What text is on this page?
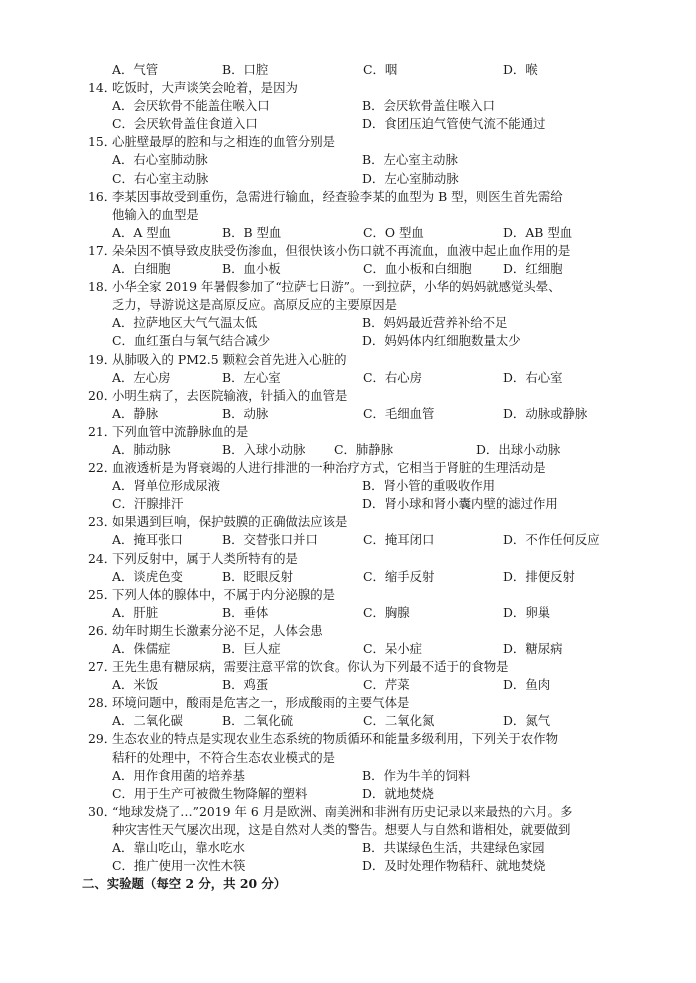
A．气管	B．口腔	C．咽	D．喉
14．
吃饭时，大声谈笑会呛着，是因为
A．会厌软骨不能盖住喉入口	B．会厌软骨盖住喉入口
C．会厌软骨盖住食道入口	D．食团压迫气管使气流不能通过
15．
心脏壁最厚的腔和与之相连的血管分别是
A．右心室肺动脉	B．左心室主动脉
C．右心室主动脉	D．左心室肺动脉
16．
李某因事故受到重伤，急需进行输血，经查验李某的血型为 B 型，则医生首先需给
他输入的血型是
A．A 型血	B．B 型血	C．O 型血	D．AB 型血
17．
朵朵因不慎导致皮肤受伤渗血，但很快该小伤口就不再流血，血液中起止血作用的是
A．白细胞	B．血小板	C．血小板和白细胞	D．红细胞
18．
小华全家 2019 年暑假参加了“拉萨七日游”。一到拉萨，小华的妈妈就感觉头晕、
乏力，导游说这是高原反应。高原反应的主要原因是
A．拉萨地区大气气温太低	B．妈妈最近营养补给不足
C．血红蛋白与氧气结合减少	D．妈妈体内红细胞数量太少
19．
从肺吸入的 PM2.5 颗粒会首先进入心脏的
A．左心房	B．左心室	C．右心房	D．右心室
20．
小明生病了，去医院输液，针插入的血管是
A．静脉	B．动脉	C．毛细血管	D．动脉或静脉
21．
下列血管中流静脉血的是
A．肺动脉	B．入球小动脉 C．肺静脉	D．出球小动脉
22．
血液透析是为肾衰竭的人进行排泄的一种治疗方式，它相当于肾脏的生理活动是
A．肾单位形成尿液	B．肾小管的重吸收作用
C．汗腺排汗	D．肾小球和肾小囊内壁的滤过作用
23．
如果遇到巨响，保护鼓膜的正确做法应该是
A．掩耳张口	B．交替张口并口	C．掩耳闭口	D．不作任何反应
24．
下列反射中，属于人类所特有的是
A．谈虎色变	B．眨眼反射	C．缩手反射	D．排便反射
25．
下列人体的腺体中，不属于内分泌腺的是
A．肝脏	B．垂体	C．胸腺	D．卵巢
26．
幼年时期生长激素分泌不足，人体会患
A．侏儒症	B．巨人症	C．呆小症	D．糖尿病
27．
王先生患有糖尿病，需要注意平常的饮食。你认为下列最不适于的食物是
A．米饭	B．鸡蛋	C．芹菜	D．鱼肉
28．
环境问题中，酸雨是危害之一，形成酸雨的主要气体是
A．二氧化碳	B．二氧化硫	C．二氧化氮	D．氮气
29．
生态农业的特点是实现农业生态系统的物质循环和能量多级利用，下列关于农作物
秸秆的处理中，不符合生态农业模式的是
A．用作食用菌的培养基	B．作为牛羊的饲料
C．用于生产可被微生物降解的塑料	D．就地焚烧
30．
“地球发烧了…”2019 年 6 月是欧洲、南美洲和非洲有历史记录以来最热的六月。多
种灾害性天气屡次出现，这是自然对人类的警告。想要人与自然和谐相处，就要做到
A．靠山吃山，靠水吃水	B．共谋绿色生活，共建绿色家园
C．推广使用一次性木筷	D．及时处理作物秸秆、就地焚烧
二、实验题（每空 2 分，共 20 分）
